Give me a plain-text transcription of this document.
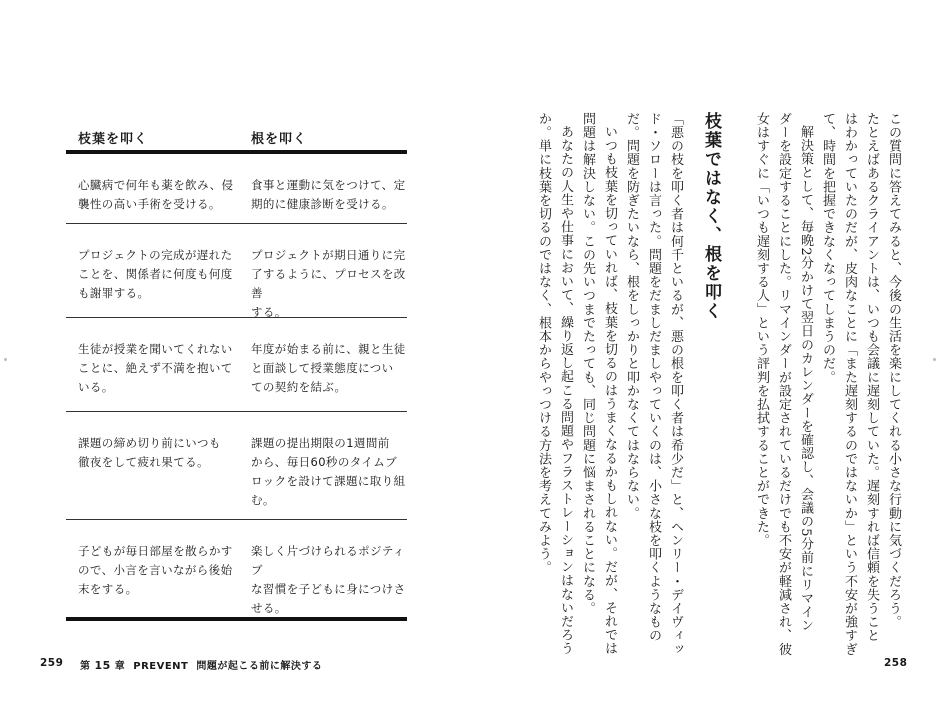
枝葉を叩く	根を叩く
心臓病で何年も薬を飲み、侵
襲性の高い手術を受ける。
食事と運動に気をつけて、定
期的に健康診断を受ける。
プロジェクトの完成が遅れた
ことを、関係者に何度も何度
も謝罪する。
プロジェクトが期日通りに完
了するように、プロセスを改善
する。
生徒が授業を聞いてくれない
ことに、絶えず不満を抱いて
いる。
年度が始まる前に、親と生徒
と面談して授業態度につい
ての契約を結ぶ。
課題の締め切り前にいつも
徹夜をして疲れ果てる。
課題の提出期限の1週間前
から、毎日60秒のタイムブ
ロックを設けて課題に取り組
む。
子どもが毎日部屋を散らかす
ので、小言を言いながら後始
末をする。
楽しく片づけられるポジティブ
な習慣を子どもに身につけさ
せる。
259 第 15 章 PREVENT 問題が起こる前に解決する

この質問に答えてみると、今後の生活を楽にしてくれる小さな行動に気づくだろう。

たとえばあるクライアントは、いつも会議に遅刻していた。遅刻すれば信頼を失うこと

はわかっていたのだが、皮肉なことに「また遅刻するのではないか」という不安が強すぎ

て、時間を把握できなくなってしまうのだ。

解決策として、毎晩2分かけて翌日のカレンダーを確認し、会議の5分前にリマイン

ダーを設定することにした。リマインダーが設定されているだけでも不安が軽減され、彼

女はすぐに「いつも遅刻する人」という評判を払拭することができた。

枝葉ではなく、根を叩く

「悪の枝を叩く者は何千といるが、悪の根を叩く者は希少だ」と、ヘンリー・デイヴィッ

ド・ソローは言った。問題をだましだましやっていくのは、小さな枝を叩くようなもの

だ。問題を防ぎたいなら、根をしっかりと叩かなくてはならない。

いつも枝葉を切っていれば、枝葉を切るのはうまくなるかもしれない。だが、それでは

問題は解決しない。この先いつまでたっても、同じ問題に悩まされることになる。

あなたの人生や仕事において、繰り返し起こる問題やフラストレーションはないだろう

か。単に枝葉を切るのではなく、根本からやっつける方法を考えてみよう。

258
